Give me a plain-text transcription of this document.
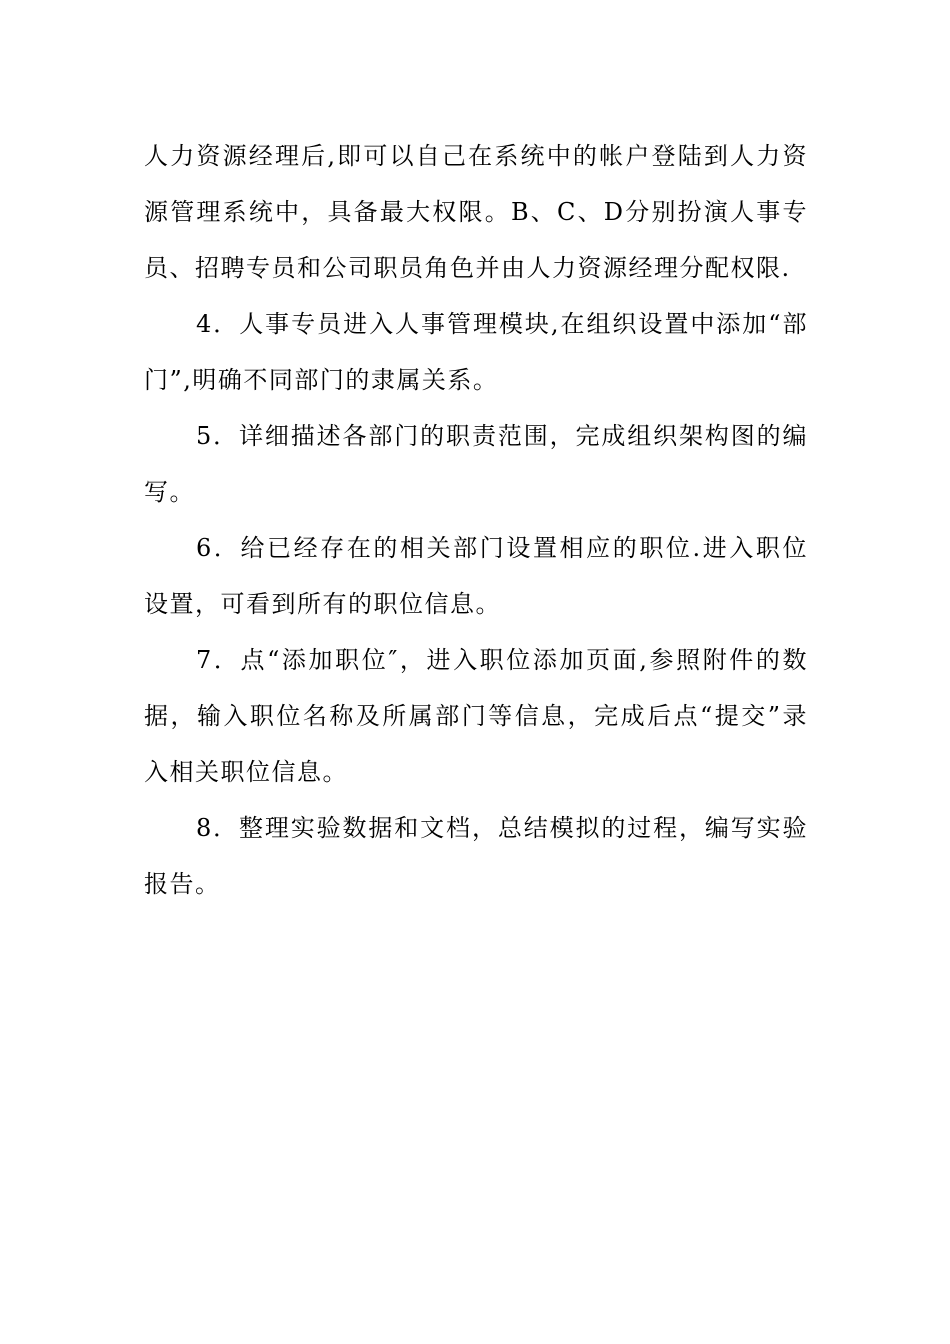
人力资源经理后,即可以自己在系统中的帐户登陆到人力资源管理系统中，具备最大权限。B、C、D分别扮演人事专员、招聘专员和公司职员角色并由人力资源经理分配权限.

4．人事专员进入人事管理模块,在组织设置中添加“部门”,明确不同部门的隶属关系。

5．详细描述各部门的职责范围，完成组织架构图的编写。

6．给已经存在的相关部门设置相应的职位.进入职位设置，可看到所有的职位信息。

7．点“添加职位″，进入职位添加页面,参照附件的数据，输入职位名称及所属部门等信息，完成后点“提交”录入相关职位信息。

8．整理实验数据和文档，总结模拟的过程，编写实验报告。
